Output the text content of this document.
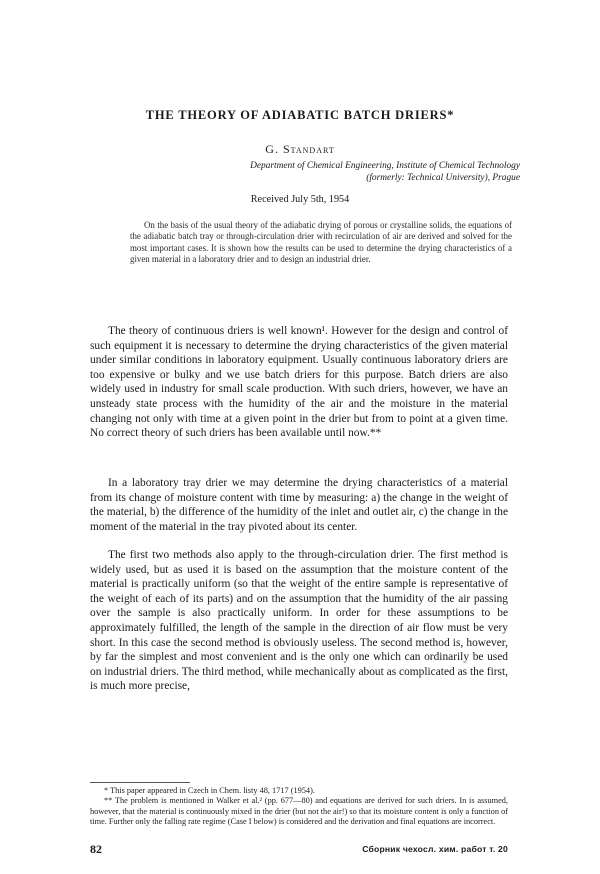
THE THEORY OF ADIABATIC BATCH DRIERS*
G. Standart
Department of Chemical Engineering, Institute of Chemical Technology
(formerly: Technical University), Prague
Received July 5th, 1954
On the basis of the usual theory of the adiabatic drying of porous or crystalline solids, the equations of the adiabatic batch tray or through-circulation drier with recirculation of air are derived and solved for the most important cases. It is shown how the results can be used to determine the drying characteristics of a given material in a laboratory drier and to design an industrial drier.

The theory of continuous driers is well known¹. However for the design and control of such equipment it is necessary to determine the drying characteristics of the given material under similar conditions in laboratory equipment. Usually continuous laboratory driers are too expensive or bulky and we use batch driers for this purpose. Batch driers are also widely used in industry for small scale production. With such driers, however, we have an unsteady state process with the humidity of the air and the moisture in the material changing not only with time at a given point in the drier but from to point at a given time. No correct theory of such driers has been available until now.**

In a laboratory tray drier we may determine the drying characteristics of a material from its change of moisture content with time by measuring: a) the change in the weight of the material, b) the difference of the humidity of the inlet and outlet air, c) the change in the moment of the material in the tray pivoted about its center.

The first two methods also apply to the through-circulation drier. The first method is widely used, but as used it is based on the assumption that the moisture content of the material is practically uniform (so that the weight of the entire sample is representative of the weight of each of its parts) and on the assumption that the humidity of the air passing over the sample is also practically uniform. In order for these assumptions to be approximately fulfilled, the length of the sample in the direction of air flow must be very short. In this case the second method is obviously useless. The second method is, however, by far the simplest and most convenient and is the only one which can ordinarily be used on industrial driers. The third method, while mechanically about as complicated as the first, is much more precise,

* This paper appeared in Czech in Chem. listy 48, 1717 (1954).

** The problem is mentioned in Walker et al.² (pp. 677—80) and equations are derived for such driers. In is assumed, however, that the material is continuously mixed in the drier (but not the air!) so that its moisture content is only a function of time. Further only the falling rate regime (Case I below) is considered and the derivation and final equations are incorrect.

82	Сборник чехосл. хим. работ т. 20
